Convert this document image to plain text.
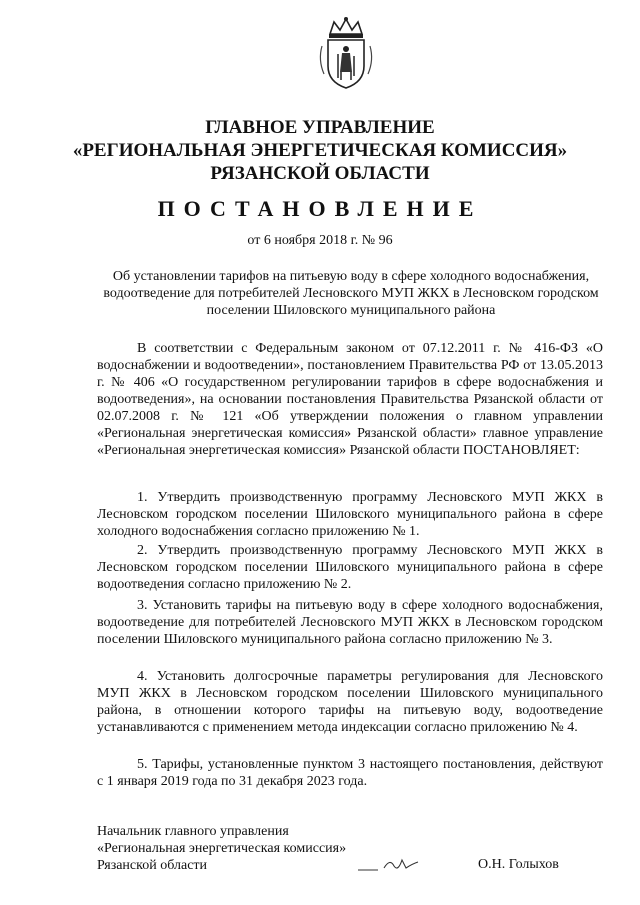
ГЛАВНОЕ УПРАВЛЕНИЕ
«РЕГИОНАЛЬНАЯ ЭНЕРГЕТИЧЕСКАЯ КОМИССИЯ»
РЯЗАНСКОЙ ОБЛАСТИ
ПОСТАНОВЛЕНИЕ
от 6 ноября 2018 г. № 96
Об установлении тарифов на питьевую воду в сфере холодного водоснабжения, водоотведение для потребителей Лесновского МУП ЖКХ в Лесновском городском поселении Шиловского муниципального района
В соответствии с Федеральным законом от 07.12.2011 г. № 416-ФЗ «О водоснабжении и водоотведении», постановлением Правительства РФ от 13.05.2013 г. № 406 «О государственном регулировании тарифов в сфере водоснабжения и водоотведения», на основании постановления Правительства Рязанской области от 02.07.2008 г. № 121 «Об утверждении положения о главном управлении «Региональная энергетическая комиссия» Рязанской области» главное управление «Региональная энергетическая комиссия» Рязанской области ПОСТАНОВЛЯЕТ:
1. Утвердить производственную программу Лесновского МУП ЖКХ в Лесновском городском поселении Шиловского муниципального района в сфере холодного водоснабжения согласно приложению № 1.
2. Утвердить производственную программу Лесновского МУП ЖКХ в Лесновском городском поселении Шиловского муниципального района в сфере водоотведения согласно приложению № 2.
3. Установить тарифы на питьевую воду в сфере холодного водоснабжения, водоотведение для потребителей Лесновского МУП ЖКХ в Лесновском городском поселении Шиловского муниципального района согласно приложению № 3.
4. Установить долгосрочные параметры регулирования для Лесновского МУП ЖКХ в Лесновском городском поселении Шиловского муниципального района, в отношении которого тарифы на питьевую воду, водоотведение устанавливаются с применением метода индексации согласно приложению № 4.
5. Тарифы, установленные пунктом 3 настоящего постановления, действуют с 1 января 2019 года по 31 декабря 2023 года.
Начальник главного управления
«Региональная энергетическая комиссия»
Рязанской области	О.Н. Голыхов
